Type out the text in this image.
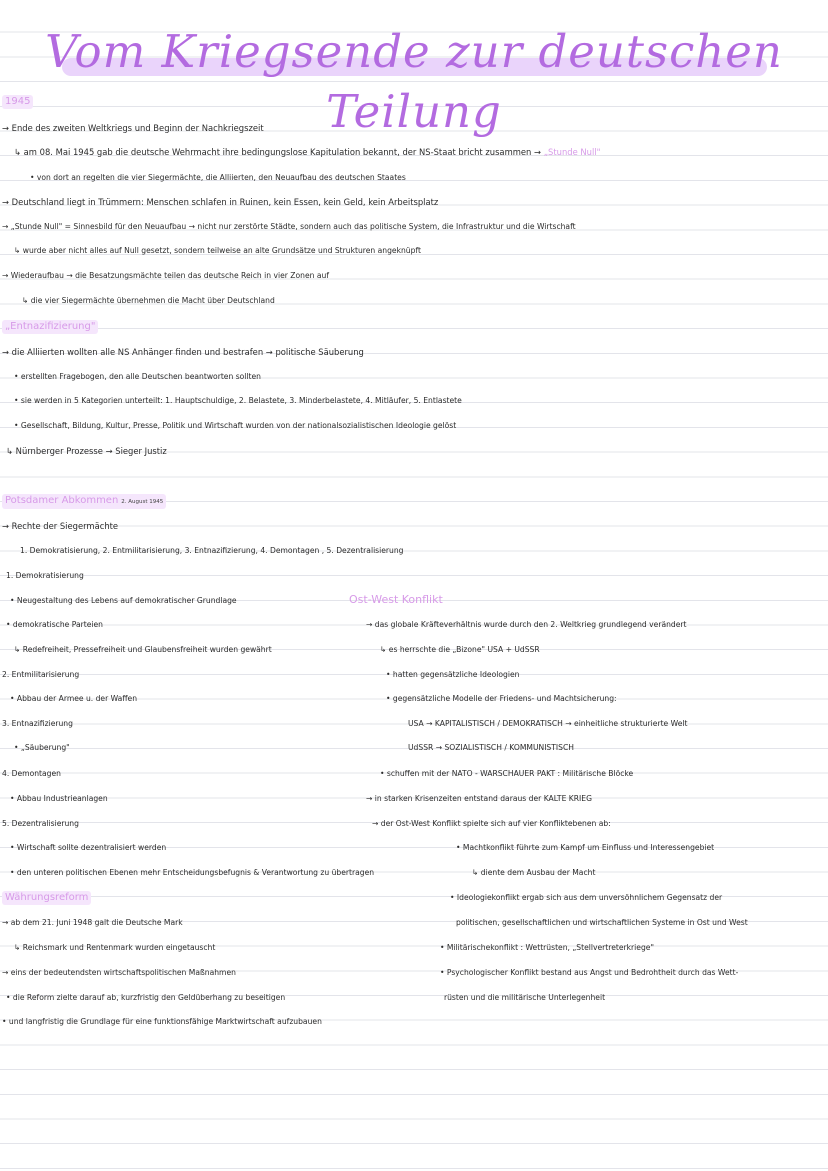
Vom Kriegsende zur deutschen Teilung
1945
→ Ende des zweiten Weltkriegs und Beginn der Nachkriegszeit
↳ am 08. Mai 1945 gab die deutsche Wehrmacht ihre bedingungslose Kapitulation bekannt, der NS-Staat bricht zusammen → „Stunde Null"
• von dort an regelten die vier Siegermächte, die Alliierten, den Neuaufbau des deutschen Staates
→ Deutschland liegt in Trümmern: Menschen schlafen in Ruinen, kein Essen, kein Geld, kein Arbeitsplatz
→ „Stunde Null" = Sinnesbild für den Neuaufbau → nicht nur zerstörte Städte, sondern auch das politische System, die Infrastruktur und die Wirtschaft
↳ wurde aber nicht alles auf Null gesetzt, sondern teilweise an alte Grundsätze und Strukturen angeknüpft
→ Wiederaufbau → die Besatzungsmächte teilen das deutsche Reich in vier Zonen auf
↳ die vier Siegermächte übernehmen die Macht über Deutschland
„Entnazifizierung"
→ die Alliierten wollten alle NS Anhänger finden und bestrafen → politische Säuberung
• erstellten Fragebogen, den alle Deutschen beantworten sollten
• sie werden in 5 Kategorien unterteilt: 1. Hauptschuldige, 2. Belastete, 3. Minderbelastete, 4. Mitläufer, 5. Entlastete
• Gesellschaft, Bildung, Kultur, Presse, Politik und Wirtschaft wurden von der nationalsozialistischen Ideologie gelöst
↳ Nürnberger Prozesse → Sieger Justiz
Potsdamer Abkommen 2. August 1945
→ Rechte der Siegermächte
1. Demokratisierung, 2. Entmilitarisierung, 3. Entnazifizierung, 4. Demontagen , 5. Dezentralisierung
1. Demokratisierung
• Neugestaltung des Lebens auf demokratischer Grundlage
• demokratische Parteien
↳ Redefreiheit, Pressefreiheit und Glaubensfreiheit wurden gewährt
2. Entmilitarisierung
• Abbau der Armee u. der Waffen
3. Entnazifizierung
• „Säuberung"
4. Demontagen
• Abbau Industrieanlagen
5. Dezentralisierung
• Wirtschaft sollte dezentralisiert werden
• den unteren politischen Ebenen mehr Entscheidungsbefugnis & Verantwortung zu übertragen
Währungsreform
→ ab dem 21. Juni 1948 galt die Deutsche Mark
↳ Reichsmark und Rentenmark wurden eingetauscht
→ eins der bedeutendsten wirtschaftspolitischen Maßnahmen
• die Reform zielte darauf ab, kurzfristig den Geldüberhang zu beseitigen
• und langfristig die Grundlage für eine funktionsfähige Marktwirtschaft aufzubauen
Ost-West Konflikt
→ das globale Kräfteverhältnis wurde durch den 2. Weltkrieg grundlegend verändert
↳ es herrschte die „Bizone" USA + UdSSR
• hatten gegensätzliche Ideologien
• gegensätzliche Modelle der Friedens- und Machtsicherung:
USA → KAPITALISTISCH / DEMOKRATISCH → einheitliche strukturierte Welt
UdSSR → SOZIALISTISCH / KOMMUNISTISCH
• schuffen mit der NATO - WARSCHAUER PAKT : Militärische Blöcke
→ in starken Krisenzeiten entstand daraus der KALTE KRIEG
→ der Ost-West Konflikt spielte sich auf vier Konfliktebenen ab:
• Machtkonflikt führte zum Kampf um Einfluss und Interessengebiet
↳ diente dem Ausbau der Macht
• Ideologiekonflikt ergab sich aus dem unversöhnlichem Gegensatz der
politischen, gesellschaftlichen und wirtschaftlichen Systeme in Ost und West
• Militärischekonflikt : Wettrüsten, „Stellvertreterkriege"
• Psychologischer Konflikt bestand aus Angst und Bedrohtheit durch das Wett-
rüsten und die militärische Unterlegenheit
